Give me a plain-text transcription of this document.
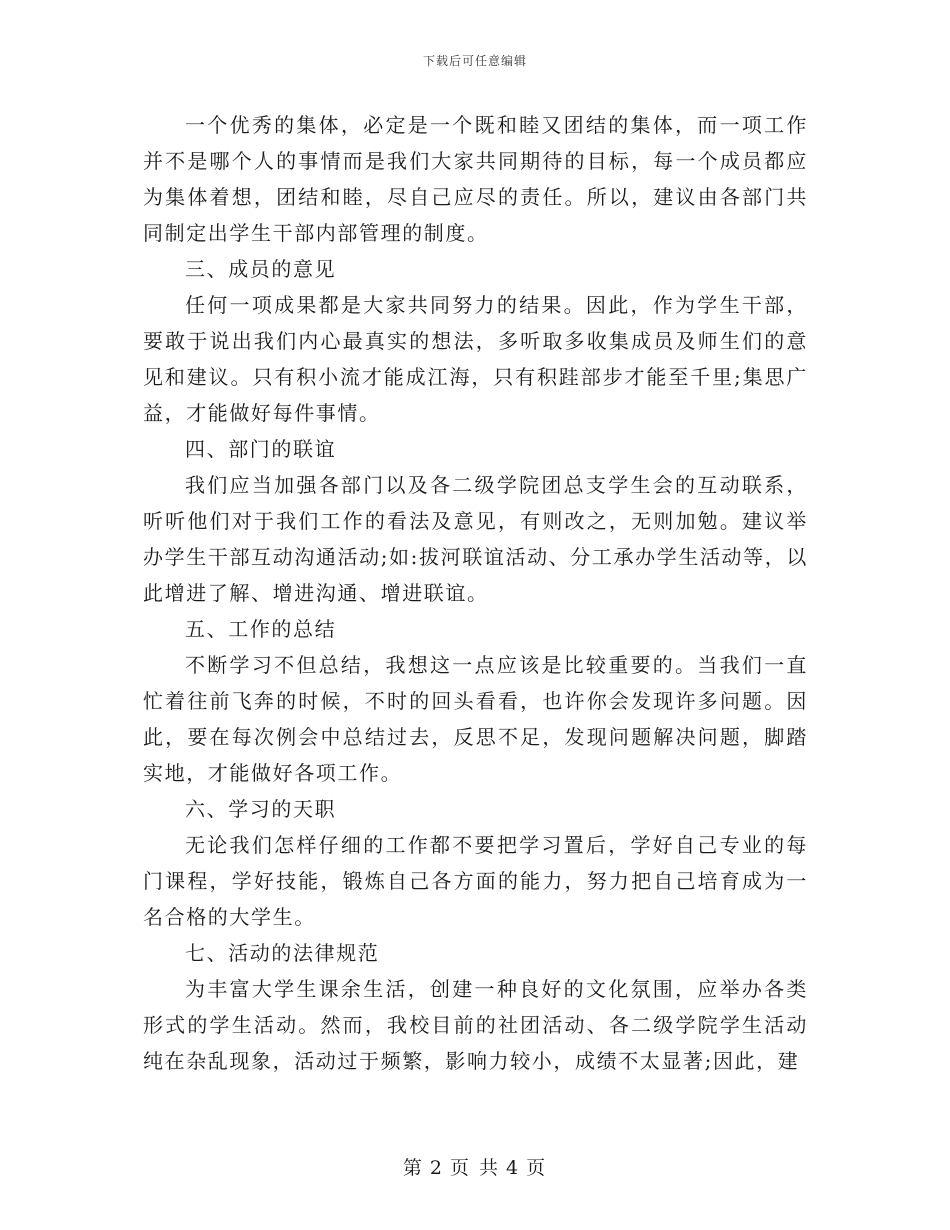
下载后可任意编辑

一个优秀的集体，必定是一个既和睦又团结的集体，而一项工作并不是哪个人的事情而是我们大家共同期待的目标，每一个成员都应为集体着想，团结和睦，尽自己应尽的责任。所以，建议由各部门共同制定出学生干部内部管理的制度。

三、成员的意见

任何一项成果都是大家共同努力的结果。因此，作为学生干部，要敢于说出我们内心最真实的想法，多听取多收集成员及师生们的意见和建议。只有积小流才能成江海，只有积跬部步才能至千里;集思广益，才能做好每件事情。

四、部门的联谊

我们应当加强各部门以及各二级学院团总支学生会的互动联系，听听他们对于我们工作的看法及意见，有则改之，无则加勉。建议举办学生干部互动沟通活动;如:拔河联谊活动、分工承办学生活动等，以此增进了解、增进沟通、增进联谊。

五、工作的总结

不断学习不但总结，我想这一点应该是比较重要的。当我们一直忙着往前飞奔的时候，不时的回头看看，也许你会发现许多问题。因此，要在每次例会中总结过去，反思不足，发现问题解决问题，脚踏实地，才能做好各项工作。

六、学习的天职

无论我们怎样仔细的工作都不要把学习置后，学好自己专业的每门课程，学好技能，锻炼自己各方面的能力，努力把自己培育成为一名合格的大学生。

七、活动的法律规范

为丰富大学生课余生活，创建一种良好的文化氛围，应举办各类形式的学生活动。然而，我校目前的社团活动、各二级学院学生活动纯在杂乱现象，活动过于频繁，影响力较小，成绩不太显著;因此，建

第 2 页 共 4 页
